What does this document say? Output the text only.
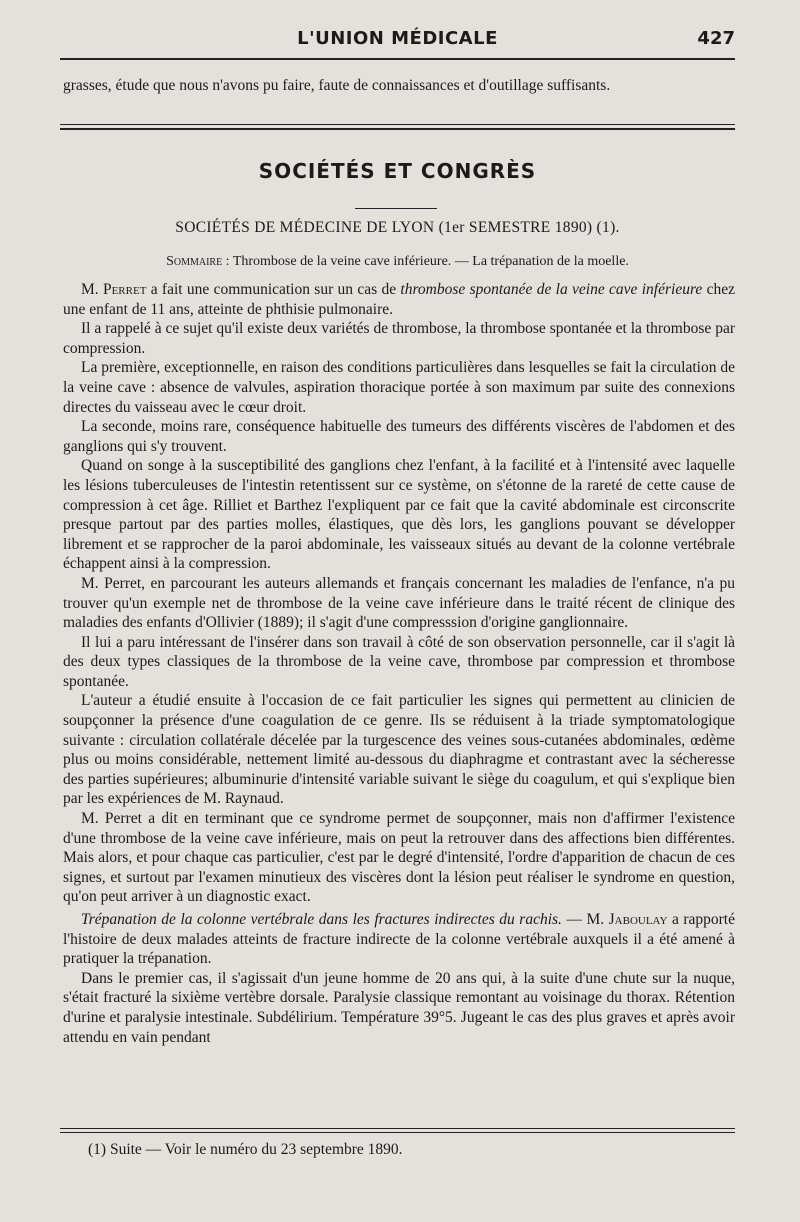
L'UNION MÉDICALE	427

grasses, étude que nous n'avons pu faire, faute de connaissances et d'outillage suffisants.

SOCIÉTÉS ET CONGRÈS
SOCIÉTÉS DE MÉDECINE DE LYON (1er SEMESTRE 1890) (1).
Sommaire : Thrombose de la veine cave inférieure. — La trépanation de la moelle.

M. Perret a fait une communication sur un cas de thrombose spontanée de la veine cave inférieure chez une enfant de 11 ans, atteinte de phthisie pulmonaire.

Il a rappelé à ce sujet qu'il existe deux variétés de thrombose, la thrombose spontanée et la thrombose par compression.

La première, exceptionnelle, en raison des conditions particulières dans lesquelles se fait la circulation de la veine cave : absence de valvules, aspiration thoracique portée à son maximum par suite des connexions directes du vaisseau avec le cœur droit.

La seconde, moins rare, conséquence habituelle des tumeurs des différents viscères de l'abdomen et des ganglions qui s'y trouvent.

Quand on songe à la susceptibilité des ganglions chez l'enfant, à la facilité et à l'intensité avec laquelle les lésions tuberculeuses de l'intestin retentissent sur ce système, on s'étonne de la rareté de cette cause de compression à cet âge. Rilliet et Barthez l'expliquent par ce fait que la cavité abdominale est circonscrite presque partout par des parties molles, élastiques, que dès lors, les ganglions pouvant se développer librement et se rapprocher de la paroi abdominale, les vaisseaux situés au devant de la colonne vertébrale échappent ainsi à la compression.

M. Perret, en parcourant les auteurs allemands et français concernant les maladies de l'enfance, n'a pu trouver qu'un exemple net de thrombose de la veine cave inférieure dans le traité récent de clinique des maladies des enfants d'Ollivier (1889); il s'agit d'une compresssion d'origine ganglionnaire.

Il lui a paru intéressant de l'insérer dans son travail à côté de son observation personnelle, car il s'agit là des deux types classiques de la thrombose de la veine cave, thrombose par compression et thrombose spontanée.

L'auteur a étudié ensuite à l'occasion de ce fait particulier les signes qui permettent au clinicien de soupçonner la présence d'une coagulation de ce genre. Ils se réduisent à la triade symptomatologique suivante : circulation collatérale décelée par la turgescence des veines sous-cutanées abdominales, œdème plus ou moins considérable, nettement limité au-dessous du diaphragme et contrastant avec la sécheresse des parties supérieures; albuminurie d'intensité variable suivant le siège du coagulum, et qui s'explique bien par les expériences de M. Raynaud.

M. Perret a dit en terminant que ce syndrome permet de soupçonner, mais non d'affirmer l'existence d'une thrombose de la veine cave inférieure, mais on peut la retrouver dans des affections bien différentes. Mais alors, et pour chaque cas particulier, c'est par le degré d'intensité, l'ordre d'apparition de chacun de ces signes, et surtout par l'examen minutieux des viscères dont la lésion peut réaliser le syndrome en question, qu'on peut arriver à un diagnostic exact.

Trépanation de la colonne vertébrale dans les fractures indirectes du rachis. — M. Jaboulay a rapporté l'histoire de deux malades atteints de fracture indirecte de la colonne vertébrale auxquels il a été amené à pratiquer la trépanation.

Dans le premier cas, il s'agissait d'un jeune homme de 20 ans qui, à la suite d'une chute sur la nuque, s'était fracturé la sixième vertèbre dorsale. Paralysie classique remontant au voisinage du thorax. Rétention d'urine et paralysie intestinale. Subdélirium. Température 39°5. Jugeant le cas des plus graves et après avoir attendu en vain pendant

(1) Suite — Voir le numéro du 23 septembre 1890.
